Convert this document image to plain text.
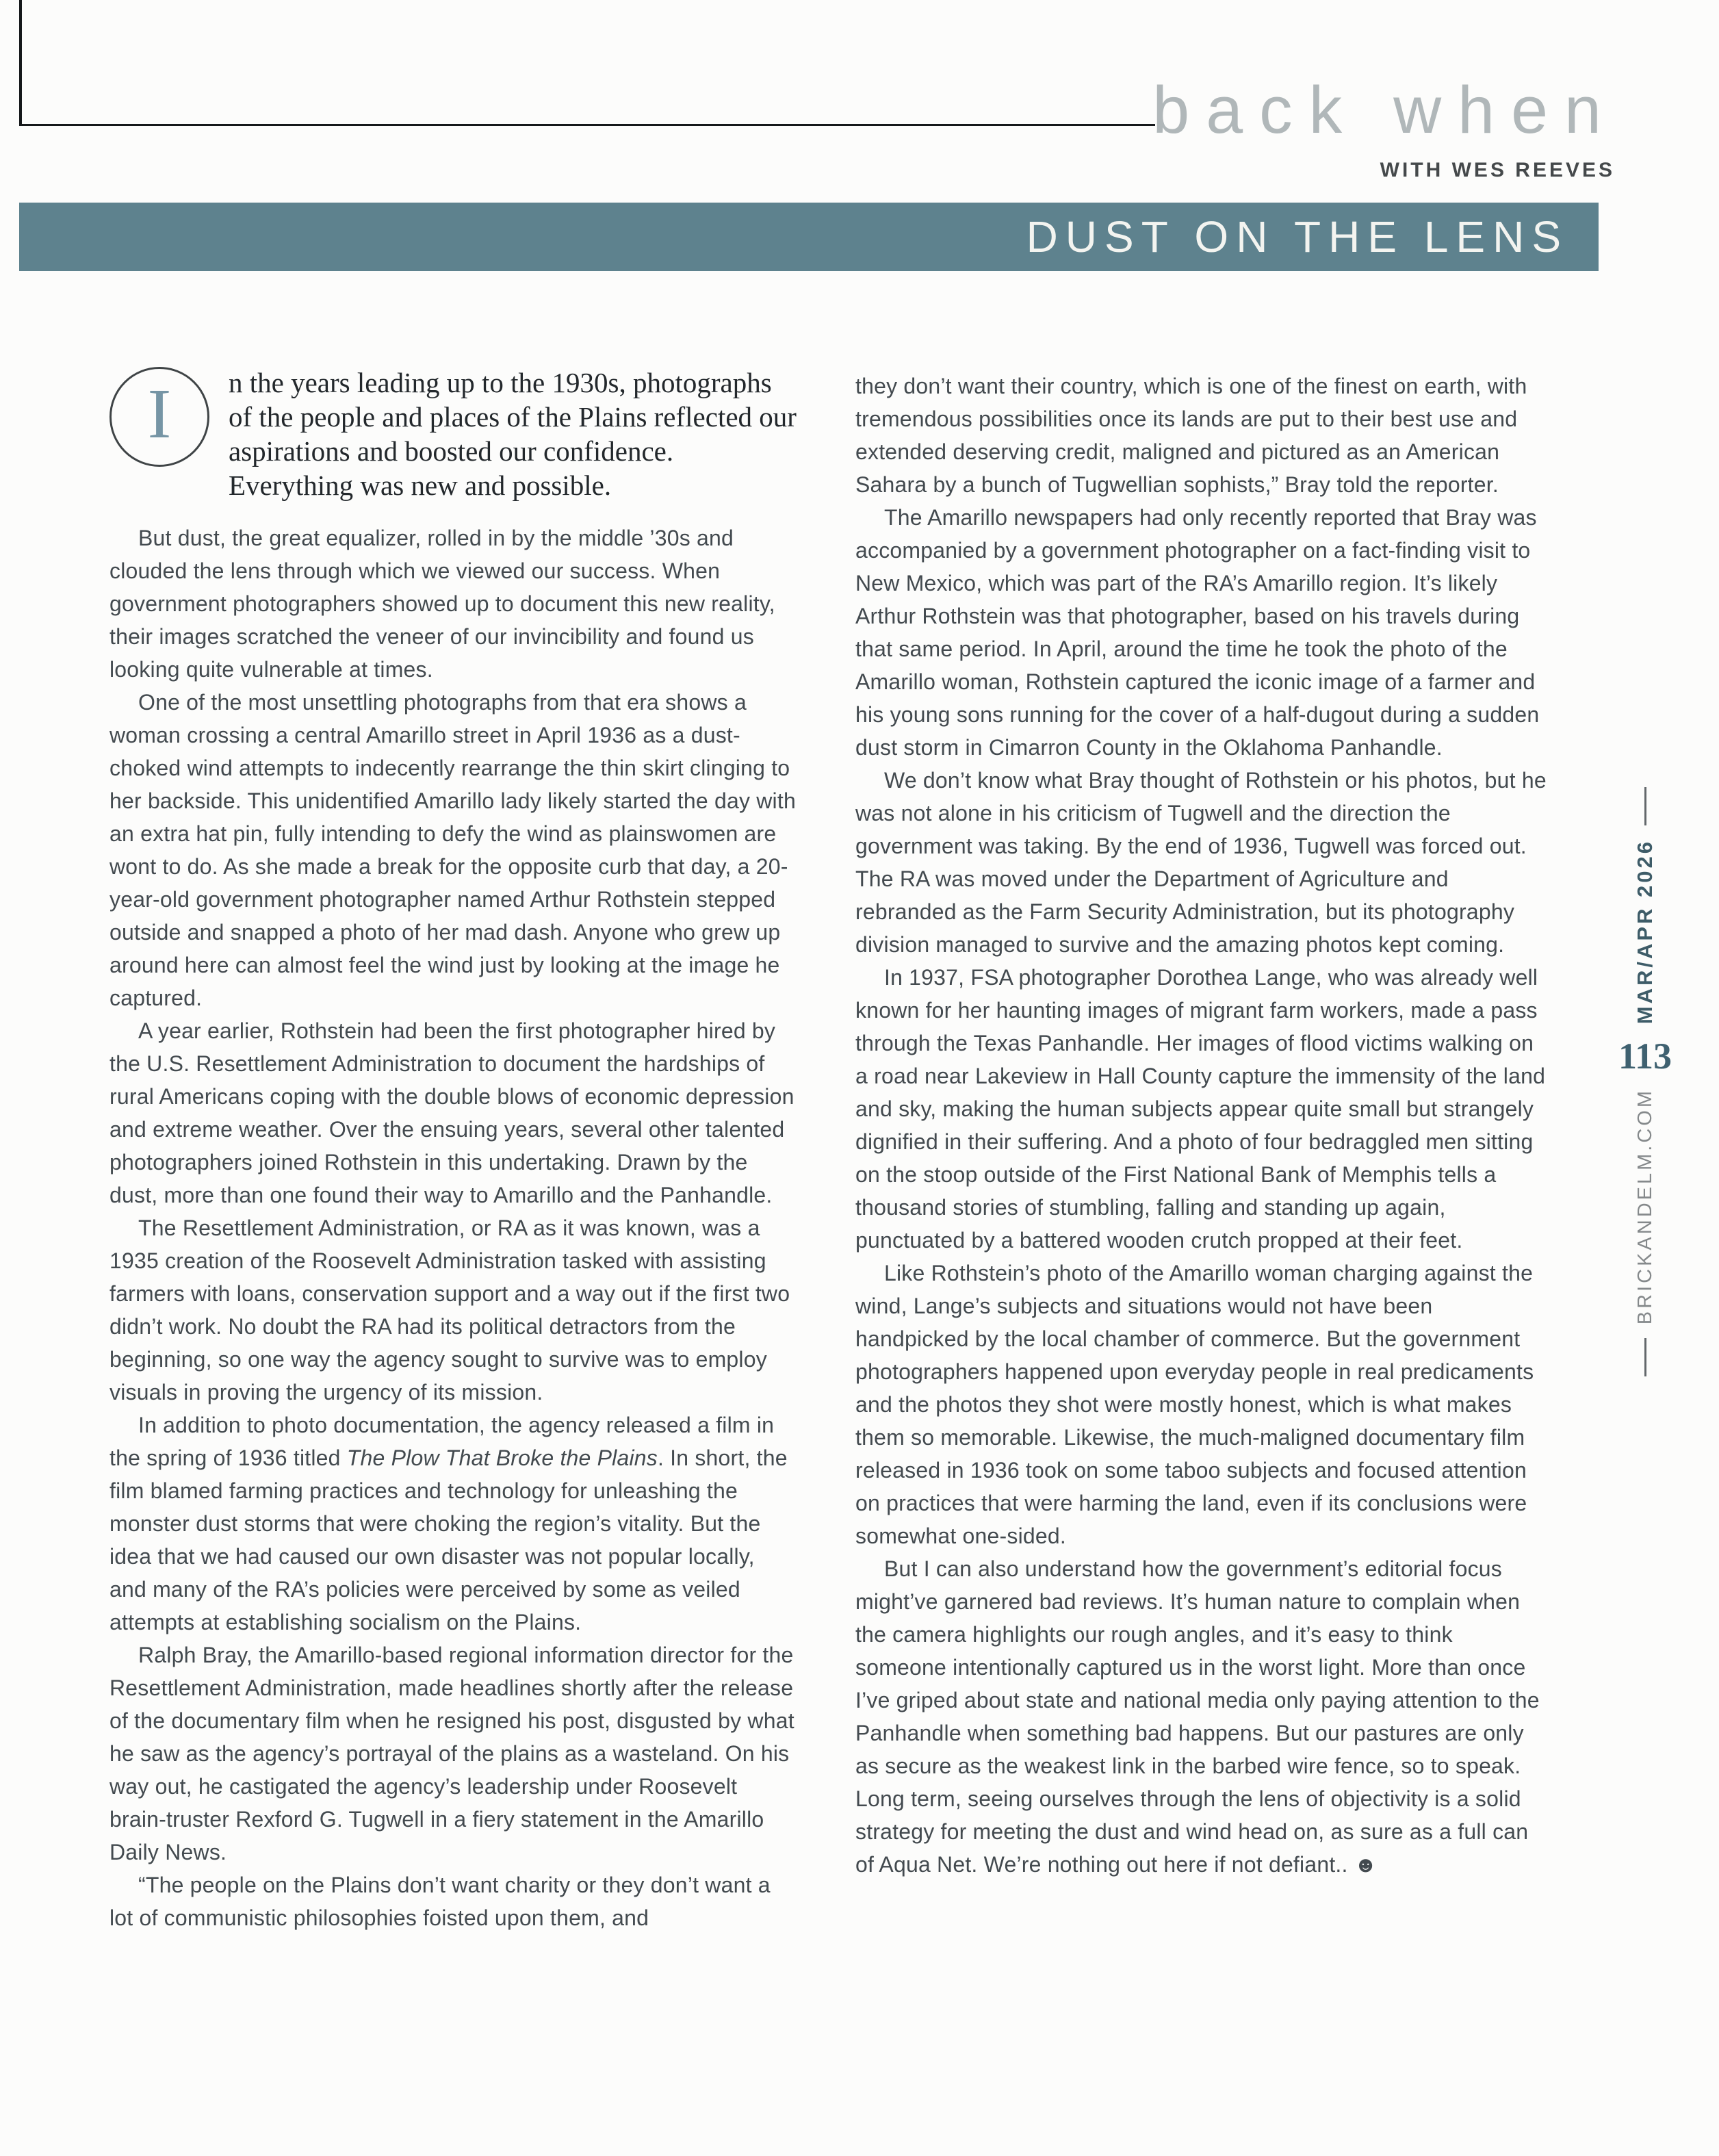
back when
WITH WES REEVES
DUST ON THE LENS
I n the years leading up to the 1930s, photographs of the people and places of the Plains reflected our aspirations and boosted our confidence. Everything was new and possible.

But dust, the great equalizer, rolled in by the middle ’30s and clouded the lens through which we viewed our success. When government photographers showed up to document this new reality, their images scratched the veneer of our invincibility and found us looking quite vulnerable at times.

One of the most unsettling photographs from that era shows a woman crossing a central Amarillo street in April 1936 as a dust-choked wind attempts to indecently rearrange the thin skirt clinging to her backside. This unidentified Amarillo lady likely started the day with an extra hat pin, fully intending to defy the wind as plainswomen are wont to do. As she made a break for the opposite curb that day, a 20-year-old government photographer named Arthur Rothstein stepped outside and snapped a photo of her mad dash. Anyone who grew up around here can almost feel the wind just by looking at the image he captured.

A year earlier, Rothstein had been the first photographer hired by the U.S. Resettlement Administration to document the hardships of rural Americans coping with the double blows of economic depression and extreme weather. Over the ensuing years, several other talented photographers joined Rothstein in this undertaking. Drawn by the dust, more than one found their way to Amarillo and the Panhandle.

The Resettlement Administration, or RA as it was known, was a 1935 creation of the Roosevelt Administration tasked with assisting farmers with loans, conservation support and a way out if the first two didn’t work. No doubt the RA had its political detractors from the beginning, so one way the agency sought to survive was to employ visuals in proving the urgency of its mission.

In addition to photo documentation, the agency released a film in the spring of 1936 titled The Plow That Broke the Plains. In short, the film blamed farming practices and technology for unleashing the monster dust storms that were choking the region’s vitality. But the idea that we had caused our own disaster was not popular locally, and many of the RA’s policies were perceived by some as veiled attempts at establishing socialism on the Plains.

Ralph Bray, the Amarillo-based regional information director for the Resettlement Administration, made headlines shortly after the release of the documentary film when he resigned his post, disgusted by what he saw as the agency’s portrayal of the plains as a wasteland. On his way out, he castigated the agency’s leadership under Roosevelt brain-truster Rexford G. Tugwell in a fiery statement in the Amarillo Daily News.

“The people on the Plains don’t want charity or they don’t want a lot of communistic philosophies foisted upon them, and

they don’t want their country, which is one of the finest on earth, with tremendous possibilities once its lands are put to their best use and extended deserving credit, maligned and pictured as an American Sahara by a bunch of Tugwellian sophists,” Bray told the reporter.

The Amarillo newspapers had only recently reported that Bray was accompanied by a government photographer on a fact-finding visit to New Mexico, which was part of the RA’s Amarillo region. It’s likely Arthur Rothstein was that photographer, based on his travels during that same period. In April, around the time he took the photo of the Amarillo woman, Rothstein captured the iconic image of a farmer and his young sons running for the cover of a half-dugout during a sudden dust storm in Cimarron County in the Oklahoma Panhandle.

We don’t know what Bray thought of Rothstein or his photos, but he was not alone in his criticism of Tugwell and the direction the government was taking. By the end of 1936, Tugwell was forced out. The RA was moved under the Department of Agriculture and rebranded as the Farm Security Administration, but its photography division managed to survive and the amazing photos kept coming.

In 1937, FSA photographer Dorothea Lange, who was already well known for her haunting images of migrant farm workers, made a pass through the Texas Panhandle. Her images of flood victims walking on a road near Lakeview in Hall County capture the immensity of the land and sky, making the human subjects appear quite small but strangely dignified in their suffering. And a photo of four bedraggled men sitting on the stoop outside of the First National Bank of Memphis tells a thousand stories of stumbling, falling and standing up again, punctuated by a battered wooden crutch propped at their feet.

Like Rothstein’s photo of the Amarillo woman charging against the wind, Lange’s subjects and situations would not have been handpicked by the local chamber of commerce. But the government photographers happened upon everyday people in real predicaments and the photos they shot were mostly honest, which is what makes them so memorable. Likewise, the much-maligned documentary film released in 1936 took on some taboo subjects and focused attention on practices that were harming the land, even if its conclusions were somewhat one-sided.

But I can also understand how the government’s editorial focus might’ve garnered bad reviews. It’s human nature to complain when the camera highlights our rough angles, and it’s easy to think someone intentionally captured us in the worst light. More than once I’ve griped about state and national media only paying attention to the Panhandle when something bad happens. But our pastures are only as secure as the weakest link in the barbed wire fence, so to speak. Long term, seeing ourselves through the lens of objectivity is a solid strategy for meeting the dust and wind head on, as sure as a full can of Aqua Net. We’re nothing out here if not defiant.. ☻

MAR/APR 2026
113
BRICKANDELM.COM
